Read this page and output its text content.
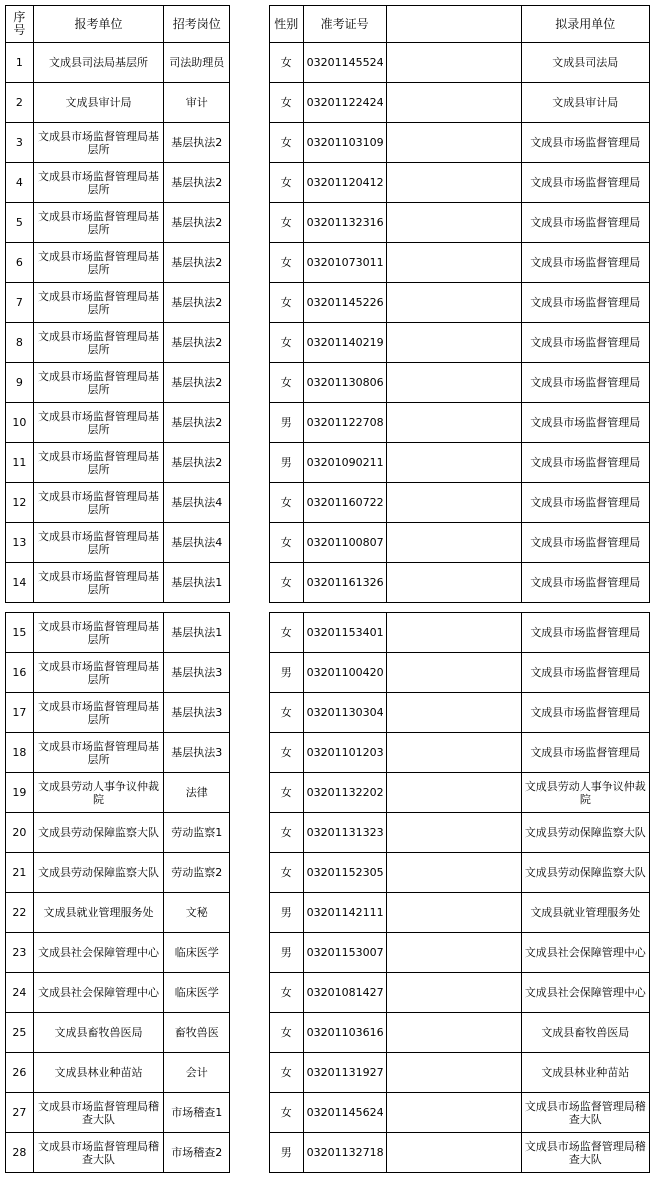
序号	报考单位	招考岗位		性别	准考证号		拟录用单位
1	文成县司法局基层所	司法助理员		女	03201145524		文成县司法局
2	文成县审计局	审计		女	03201122424		文成县审计局
3	文成县市场监督管理局基层所	基层执法2		女	03201103109		文成县市场监督管理局
4	文成县市场监督管理局基层所	基层执法2		女	03201120412		文成县市场监督管理局
5	文成县市场监督管理局基层所	基层执法2		女	03201132316		文成县市场监督管理局
6	文成县市场监督管理局基层所	基层执法2		女	03201073011		文成县市场监督管理局
7	文成县市场监督管理局基层所	基层执法2		女	03201145226		文成县市场监督管理局
8	文成县市场监督管理局基层所	基层执法2		女	03201140219		文成县市场监督管理局
9	文成县市场监督管理局基层所	基层执法2		女	03201130806		文成县市场监督管理局
10	文成县市场监督管理局基层所	基层执法2		男	03201122708		文成县市场监督管理局
11	文成县市场监督管理局基层所	基层执法2		男	03201090211		文成县市场监督管理局
12	文成县市场监督管理局基层所	基层执法4		女	03201160722		文成县市场监督管理局
13	文成县市场监督管理局基层所	基层执法4		女	03201100807		文成县市场监督管理局
14	文成县市场监督管理局基层所	基层执法1		女	03201161326		文成县市场监督管理局
15	文成县市场监督管理局基层所	基层执法1		女	03201153401		文成县市场监督管理局
16	文成县市场监督管理局基层所	基层执法3		男	03201100420		文成县市场监督管理局
17	文成县市场监督管理局基层所	基层执法3		女	03201130304		文成县市场监督管理局
18	文成县市场监督管理局基层所	基层执法3		女	03201101203		文成县市场监督管理局
19	文成县劳动人事争议仲裁院	法律		女	03201132202		文成县劳动人事争议仲裁院
20	文成县劳动保障监察大队	劳动监察1		女	03201131323		文成县劳动保障监察大队
21	文成县劳动保障监察大队	劳动监察2		女	03201152305		文成县劳动保障监察大队
22	文成县就业管理服务处	文秘		男	03201142111		文成县就业管理服务处
23	文成县社会保障管理中心	临床医学		男	03201153007		文成县社会保障管理中心
24	文成县社会保障管理中心	临床医学		女	03201081427		文成县社会保障管理中心
25	文成县畜牧兽医局	畜牧兽医		女	03201103616		文成县畜牧兽医局
26	文成县林业种苗站	会计		女	03201131927		文成县林业种苗站
27	文成县市场监督管理局稽查大队	市场稽查1		女	03201145624		文成县市场监督管理局稽查大队
28	文成县市场监督管理局稽查大队	市场稽查2		男	03201132718		文成县市场监督管理局稽查大队
